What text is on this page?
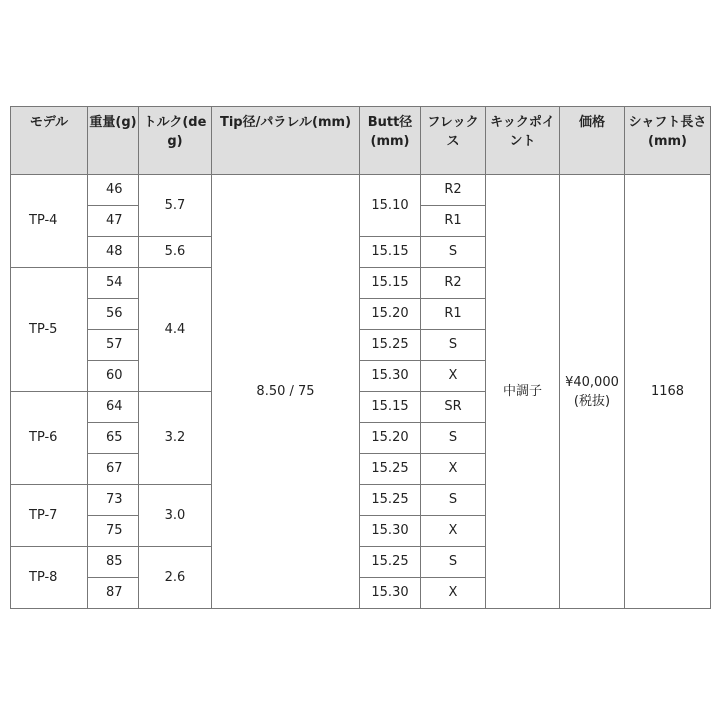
モデル	重量(g)	トルク(deg)	Tip径/パラレル(mm)	Butt径(mm)	フレックス	キックポイント	価格	シャフト長さ(mm)
TP-4	46	5.7	8.50 / 75	15.10	R2	中調子	¥40,000(税抜)	1168
	47				R1			
	48	5.6		15.15	S			
TP-5	54	4.4		15.15	R2			
	56			15.20	R1			
	57			15.25	S			
	60			15.30	X			
TP-6	64	3.2		15.15	SR			
	65			15.20	S			
	67			15.25	X			
TP-7	73	3.0		15.25	S			
	75			15.30	X			
TP-8	85	2.6		15.25	S			
	87			15.30	X			
